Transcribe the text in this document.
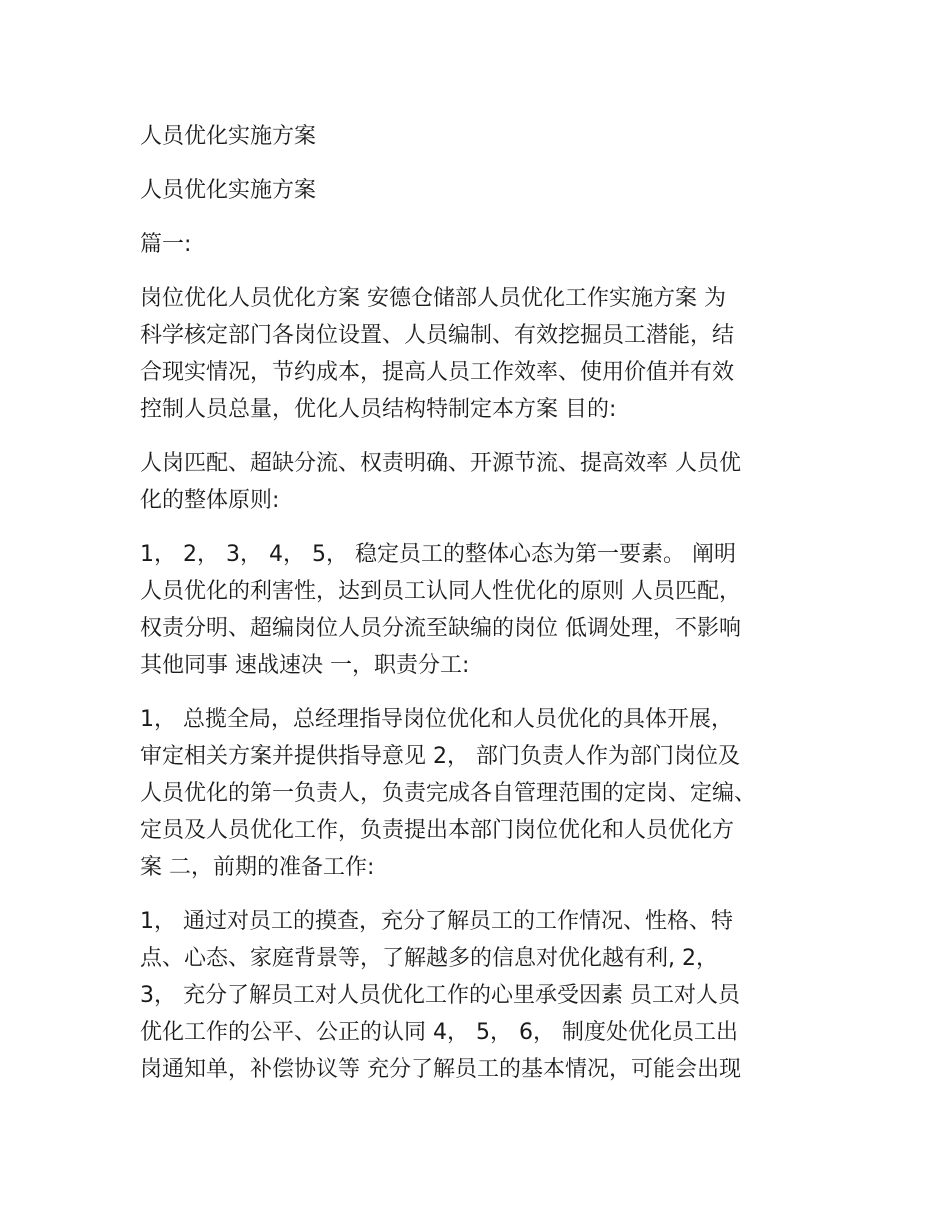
人员优化实施方案

人员优化实施方案

篇一:

岗位优化人员优化方案 安德仓储部人员优化工作实施方案 为
科学核定部门各岗位设置、人员编制、有效挖掘员工潜能，结
合现实情况，节约成本，提高人员工作效率、使用价值并有效
控制人员总量，优化人员结构特制定本方案 目的:

人岗匹配、超缺分流、权责明确、开源节流、提高效率 人员优
化的整体原则:

1， 2， 3， 4， 5， 稳定员工的整体心态为第一要素。 阐明
人员优化的利害性，达到员工认同人性优化的原则 人员匹配，
权责分明、超编岗位人员分流至缺编的岗位 低调处理，不影响
其他同事 速战速决 一，职责分工:

1， 总揽全局，总经理指导岗位优化和人员优化的具体开展，
审定相关方案并提供指导意见 2， 部门负责人作为部门岗位及
人员优化的第一负责人，负责完成各自管理范围的定岗、定编、
定员及人员优化工作，负责提出本部门岗位优化和人员优化方
案 二，前期的准备工作:

1， 通过对员工的摸查，充分了解员工的工作情况、性格、特
点、心态、家庭背景等，了解越多的信息对优化越有利, 2，
3， 充分了解员工对人员优化工作的心里承受因素 员工对人员
优化工作的公平、公正的认同 4， 5， 6， 制度处优化员工出
岗通知单，补偿协议等 充分了解员工的基本情况，可能会出现
